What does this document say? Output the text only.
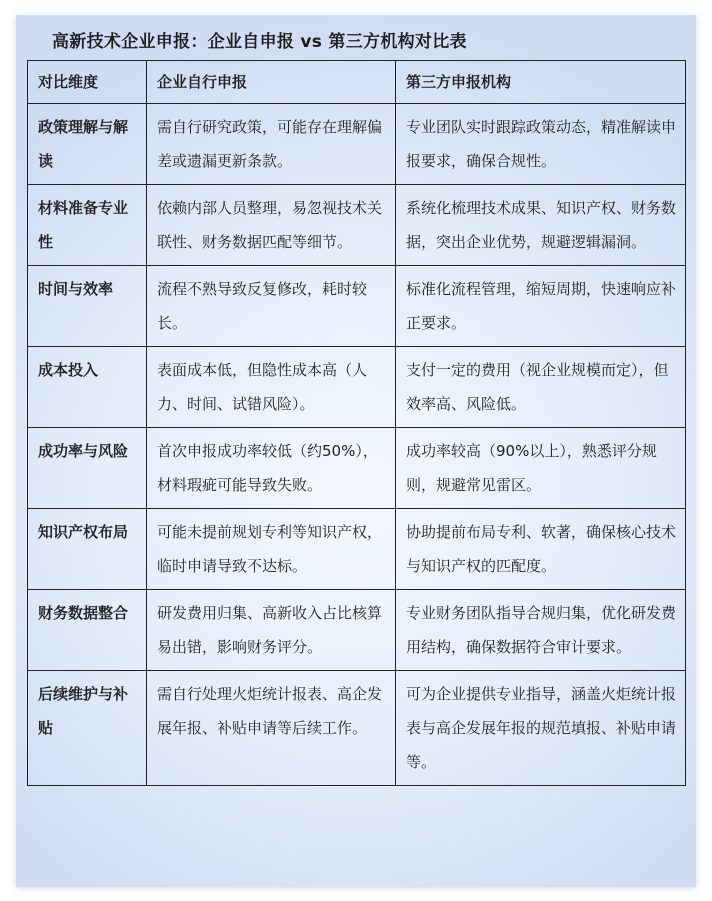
高新技术企业申报：企业自申报 vs 第三方机构对比表
对比维度	企业自行申报	第三方申报机构
政策理解与解读	需自行研究政策，可能存在理解偏差或遗漏更新条款。	专业团队实时跟踪政策动态，精准解读申报要求，确保合规性。
材料准备专业性	依赖内部人员整理，易忽视技术关联性、财务数据匹配等细节。	系统化梳理技术成果、知识产权、财务数据，突出企业优势，规避逻辑漏洞。
时间与效率	流程不熟导致反复修改，耗时较长。	标准化流程管理，缩短周期，快速响应补正要求。
成本投入	表面成本低，但隐性成本高（人力、时间、试错风险）。	支付一定的费用（视企业规模而定），但效率高、风险低。
成功率与风险	首次申报成功率较低（约50%），材料瑕疵可能导致失败。	成功率较高（90%以上），熟悉评分规则，规避常见雷区。
知识产权布局	可能未提前规划专利等知识产权，临时申请导致不达标。	协助提前布局专利、软著，确保核心技术与知识产权的匹配度。
财务数据整合	研发费用归集、高新收入占比核算易出错，影响财务评分。	专业财务团队指导合规归集，优化研发费用结构，确保数据符合审计要求。
后续维护与补贴	需自行处理火炬统计报表、高企发展年报、补贴申请等后续工作。	可为企业提供专业指导，涵盖火炬统计报表与高企发展年报的规范填报、补贴申请等。
